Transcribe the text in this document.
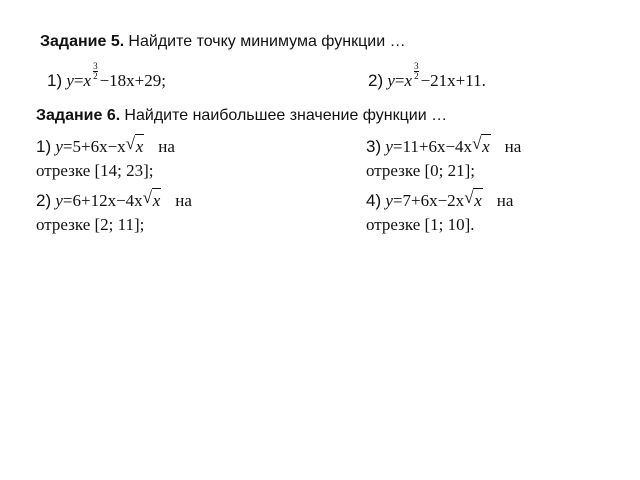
Задание 5. Найдите точку минимума функции …
1) $y=x \frac{3}{2} -18x+29$;	2) $y=x \frac{3}{2} -21x+11$.
Задание 6. Найдите наибольшее значение функции …
1) y=5+6x−x √ x на
отрезке [14; 23];
3) y=11+6x−4x √ x на
отрезке [0; 21];
2) y=6+12x−4x √ x на
отрезке [2; 11];
4) y=7+6x−2x √ x на
отрезке [1; 10].
